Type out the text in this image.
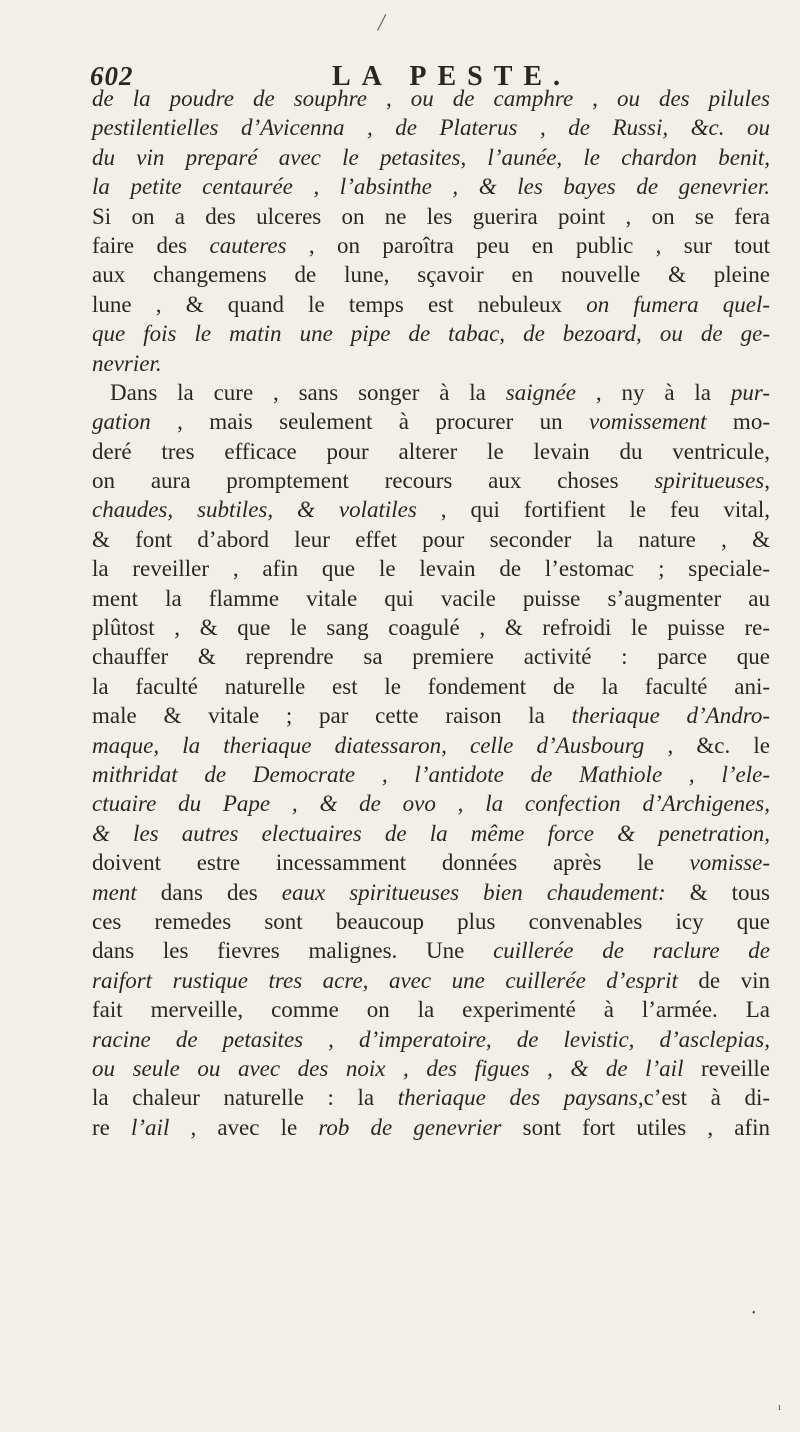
/
602	LA PESTE.
de la poudre de souphre , ou de camphre , ou des pilules
pestilentielles d’Avicenna , de Platerus , de Russi, &c. ou
du vin preparé avec le petasites, l’aunée, le chardon benit,
la petite centaurée , l’absinthe , & les bayes de genevrier.
Si on a des ulceres on ne les guerira point , on se fera
faire des cauteres , on paroîtra peu en public , sur tout
aux changemens de lune, sçavoir en nouvelle & pleine
lune , & quand le temps est nebuleux on fumera quel-
que fois le matin une pipe de tabac, de bezoard, ou de ge-
nevrier.
Dans la cure , sans songer à la saignée , ny à la pur-
gation , mais seulement à procurer un vomissement mo-
deré tres efficace pour alterer le levain du ventricule,
on aura promptement recours aux choses spiritueuses,
chaudes, subtiles, & volatiles , qui fortifient le feu vital,
& font d’abord leur effet pour seconder la nature , &
la reveiller , afin que le levain de l’estomac ; speciale-
ment la flamme vitale qui vacile puisse s’augmenter au
plûtost , & que le sang coagulé , & refroidi le puisse re-
chauffer & reprendre sa premiere activité : parce que
la faculté naturelle est le fondement de la faculté ani-
male & vitale ; par cette raison la theriaque d’Andro-
maque, la theriaque diatessaron, celle d’Ausbourg , &c. le
mithridat de Democrate , l’antidote de Mathiole , l’ele-
ctuaire du Pape , & de ovo , la confection d’Archigenes,
& les autres electuaires de la même force & penetration,
doivent estre incessamment données après le vomisse-
ment dans des eaux spiritueuses bien chaudement: & tous
ces remedes sont beaucoup plus convenables icy que
dans les fievres malignes. Une cuillerée de raclure de
raifort rustique tres acre, avec une cuillerée d’esprit de vin
fait merveille, comme on la experimenté à l’armée. La
racine de petasites , d’imperatoire, de levistic, d’asclepias,
ou seule ou avec des noix , des figues , & de l’ail reveille
la chaleur naturelle : la theriaque des paysans,c’est à di-
re l’ail , avec le rob de genevrier sont fort utiles , afin
•
ı
